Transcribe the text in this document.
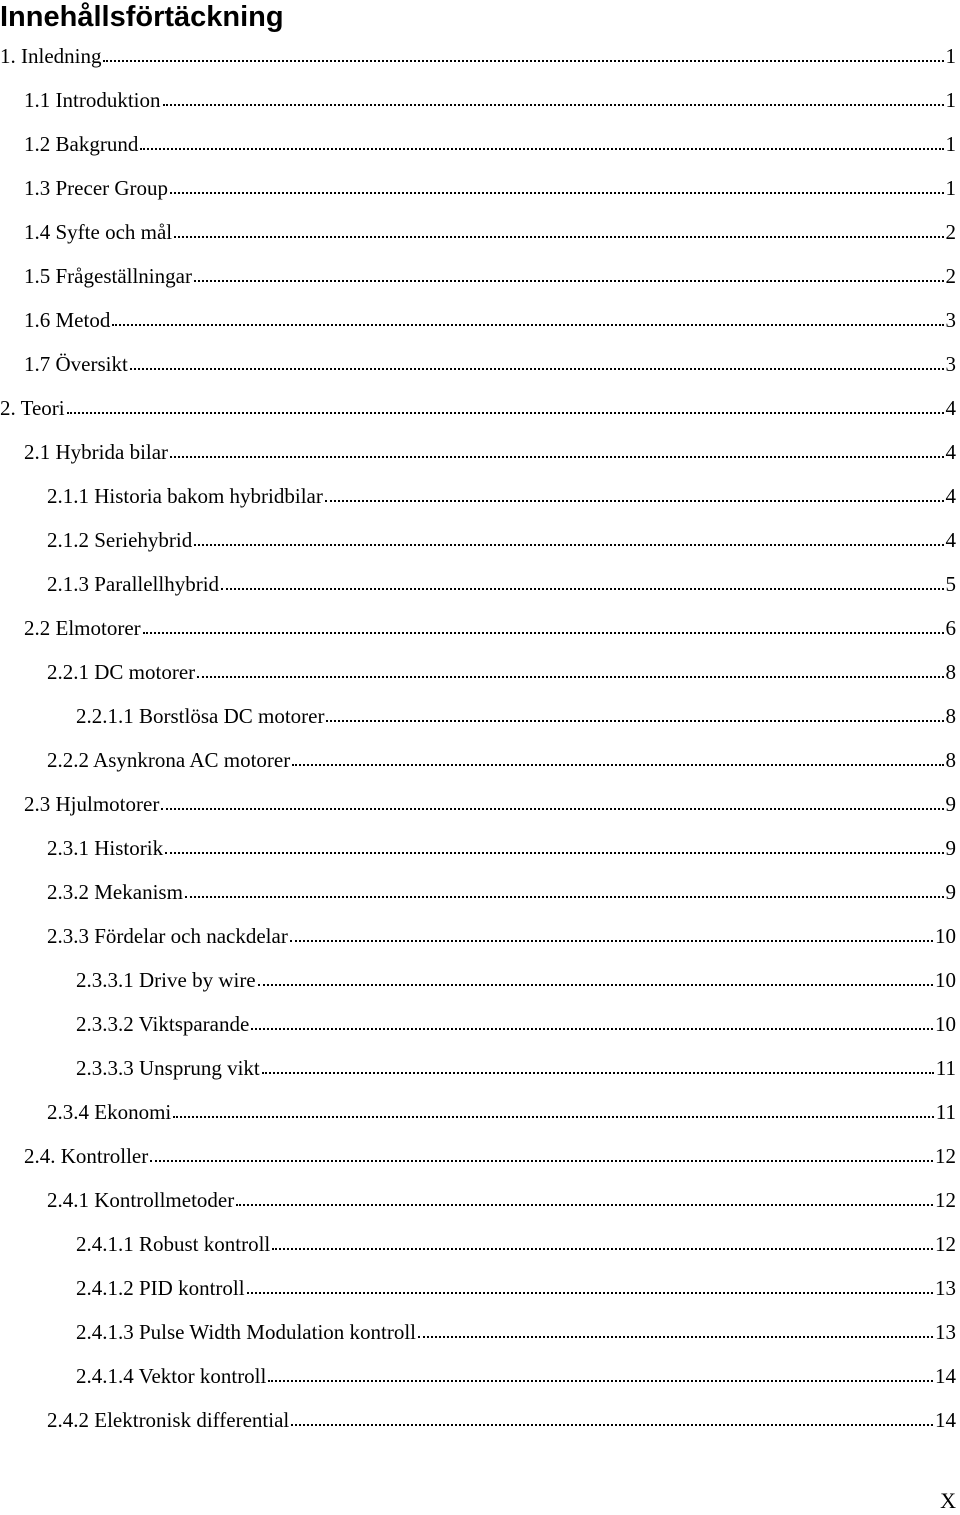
Innehållsförtäckning
1. Inledning	1
1.1 Introduktion	1
1.2 Bakgrund	1
1.3 Precer Group	1
1.4 Syfte och mål	2
1.5 Frågeställningar	2
1.6 Metod	3
1.7 Översikt	3
2. Teori	4
2.1 Hybrida bilar	4
2.1.1 Historia bakom hybridbilar	4
2.1.2 Seriehybrid	4
2.1.3 Parallellhybrid	5
2.2 Elmotorer	6
2.2.1 DC motorer	8
2.2.1.1 Borstlösa DC motorer	8
2.2.2 Asynkrona AC motorer	8
2.3 Hjulmotorer	9
2.3.1 Historik	9
2.3.2 Mekanism	9
2.3.3 Fördelar och nackdelar	10
2.3.3.1 Drive by wire	10
2.3.3.2 Viktsparande	10
2.3.3.3 Unsprung vikt	11
2.3.4 Ekonomi	11
2.4. Kontroller	12
2.4.1 Kontrollmetoder	12
2.4.1.1 Robust kontroll	12
2.4.1.2 PID kontroll	13
2.4.1.3 Pulse Width Modulation kontroll	13
2.4.1.4 Vektor kontroll	14
2.4.2 Elektronisk differential	14
X
